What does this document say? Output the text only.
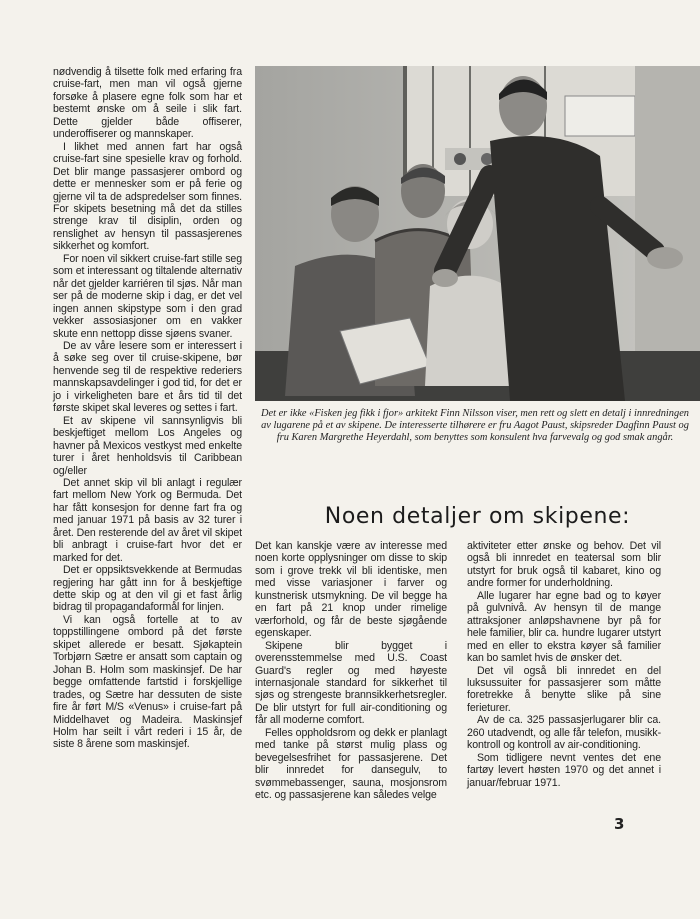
nødvendig å tilsette folk med erfaring fra cruise-fart, men man vil også gjerne forsøke å plasere egne folk som har et bestemt ønske om å seile i slik fart. Dette gjelder både offiserer, underoffiserer og mannskaper.

I likhet med annen fart har også cruise-fart sine spesielle krav og forhold. Det blir mange passasjerer ombord og dette er mennesker som er på ferie og gjerne vil ta de adspredelser som finnes. For skipets besetning må det da stilles strenge krav til disiplin, orden og renslighet av hensyn til passasjerenes sikkerhet og komfort.

For noen vil sikkert cruise-fart stille seg som et interessant og tiltalende alternativ når det gjelder karriéren til sjøs. Når man ser på de moderne skip i dag, er det vel ingen annen skipstype som i den grad vekker assosiasjoner om en vakker skute enn nettopp disse sjøens svaner.

De av våre lesere som er interessert i å søke seg over til cruise-skipene, bør henvende seg til de respektive rederiers mannskapsavdelinger i god tid, for det er jo i virkeligheten bare et års tid til det første skipet skal leveres og settes i fart.

Et av skipene vil sannsynligvis bli beskjeftiget mellom Los Angeles og havner på Mexicos vestkyst med enkelte turer i året henholdsvis til Caribbean og/eller

Det annet skip vil bli anlagt i regulær fart mellom New York og Bermuda. Det har fått konsesjon for denne fart fra og med januar 1971 på basis av 32 turer i året. Den resterende del av året vil skipet bli anbragt i cruise-fart hvor det er marked for det.

Det er oppsiktsvekkende at Bermudas regjering har gått inn for å beskjeftige dette skip og at den vil gi et fast årlig bidrag til propagandaformål for linjen.

Vi kan også fortelle at to av toppstillingene ombord på det første skipet allerede er besatt. Sjøkaptein Torbjørn Sætre er ansatt som captain og Johan B. Holm som maskinsjef. De har begge omfattende fartstid i forskjellige trades, og Sætre har dessuten de siste fire år ført M/S «Venus» i cruise-fart på Middelhavet og Madeira. Maskinsjef Holm har seilt i vårt rederi i 15 år, de siste 8 årene som maskinsjef.

Det er ikke «Fisken jeg fikk i fjor» arkitekt Finn Nilsson viser, men rett og slett en detalj i innredningen av lugarene på et av skipene. De interesserte tilhørere er fru Aagot Paust, skipsreder Dagfinn Paust og fru Karen Margrethe Heyerdahl, som benyttes som konsulent hva farvevalg og god smak angår.
Noen detaljer om skipene:

Det kan kanskje være av interesse med noen korte opplysninger om disse to skip som i grove trekk vil bli identiske, men med visse variasjoner i farver og kunstnerisk utsmykning. De vil begge ha en fart på 21 knop under rimelige værforhold, og får de beste sjøgående egenskaper.

Skipene blir bygget i overensstemmelse med U.S. Coast Guard's regler og med høyeste internasjonale standard for sikkerhet til sjøs og strengeste brannsikkerhetsregler. De blir utstyrt for full air-conditioning og får all moderne comfort.

Felles oppholdsrom og dekk er planlagt med tanke på størst mulig plass og bevegelsesfrihet for passasjerene. Det blir innredet for dansegulv, to svømmebassenger, sauna, mosjonsrom etc. og passasjerene kan således velge

aktiviteter etter ønske og behov. Det vil også bli innredet en teatersal som blir utstyrt for bruk også til kabaret, kino og andre former for underholdning.

Alle lugarer har egne bad og to køyer på gulvnivå. Av hensyn til de mange attraksjoner anløpshavnene byr på for hele familier, blir ca. hundre lugarer utstyrt med en eller to ekstra køyer så familier kan bo samlet hvis de ønsker det.

Det vil også bli innredet en del luksussuiter for passasjerer som måtte foretrekke å benytte slike på sine ferieturer.

Av de ca. 325 passasjerlugarer blir ca. 260 utadvendt, og alle får telefon, musikk-kontroll og kontroll av air-conditioning.

Som tidligere nevnt ventes det ene fartøy levert høsten 1970 og det annet i januar/februar 1971.

3
